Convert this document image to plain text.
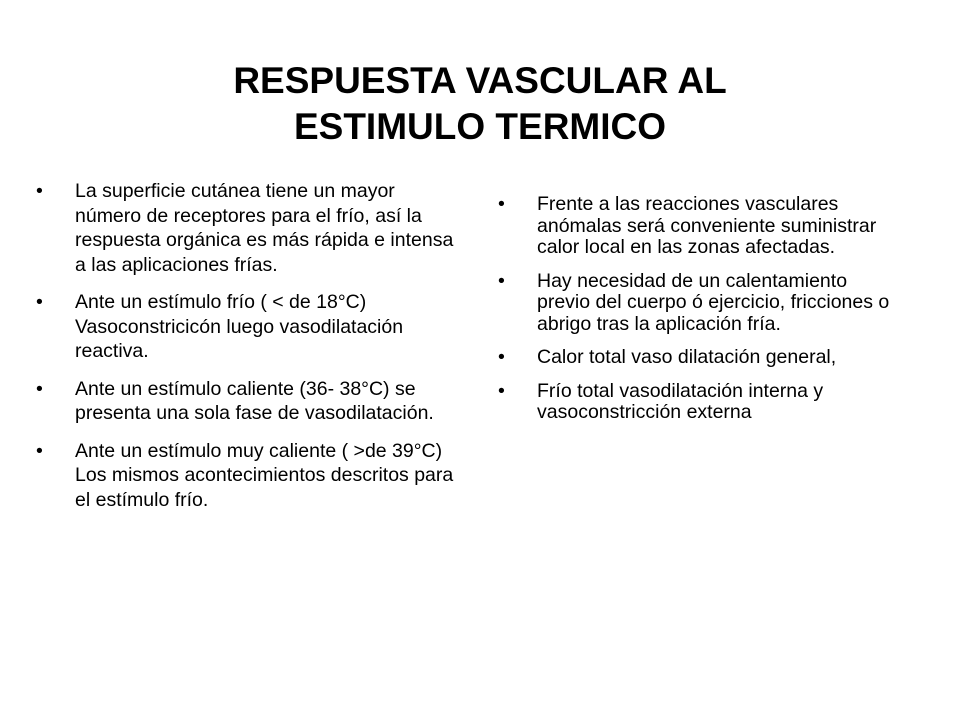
RESPUESTA VASCULAR AL
ESTIMULO TERMICO
• La superficie cutánea tiene un mayor número de receptores para el frío, así la respuesta orgánica es más rápida e intensa a las aplicaciones frías.
• Ante un estímulo frío ( < de 18°C) Vasoconstricicón luego vasodilatación reactiva.
• Ante un estímulo caliente (36- 38°C) se presenta una sola fase de vasodilatación.
• Ante un estímulo muy caliente ( >de 39°C) Los mismos acontecimientos descritos para el estímulo frío.
• Frente a las reacciones vasculares anómalas será conveniente suministrar calor local en las zonas afectadas.
• Hay necesidad de un calentamiento previo del cuerpo ó ejercicio, fricciones o abrigo tras la aplicación fría.
• Calor total vaso dilatación general,
• Frío total vasodilatación interna y vasoconstricción externa
